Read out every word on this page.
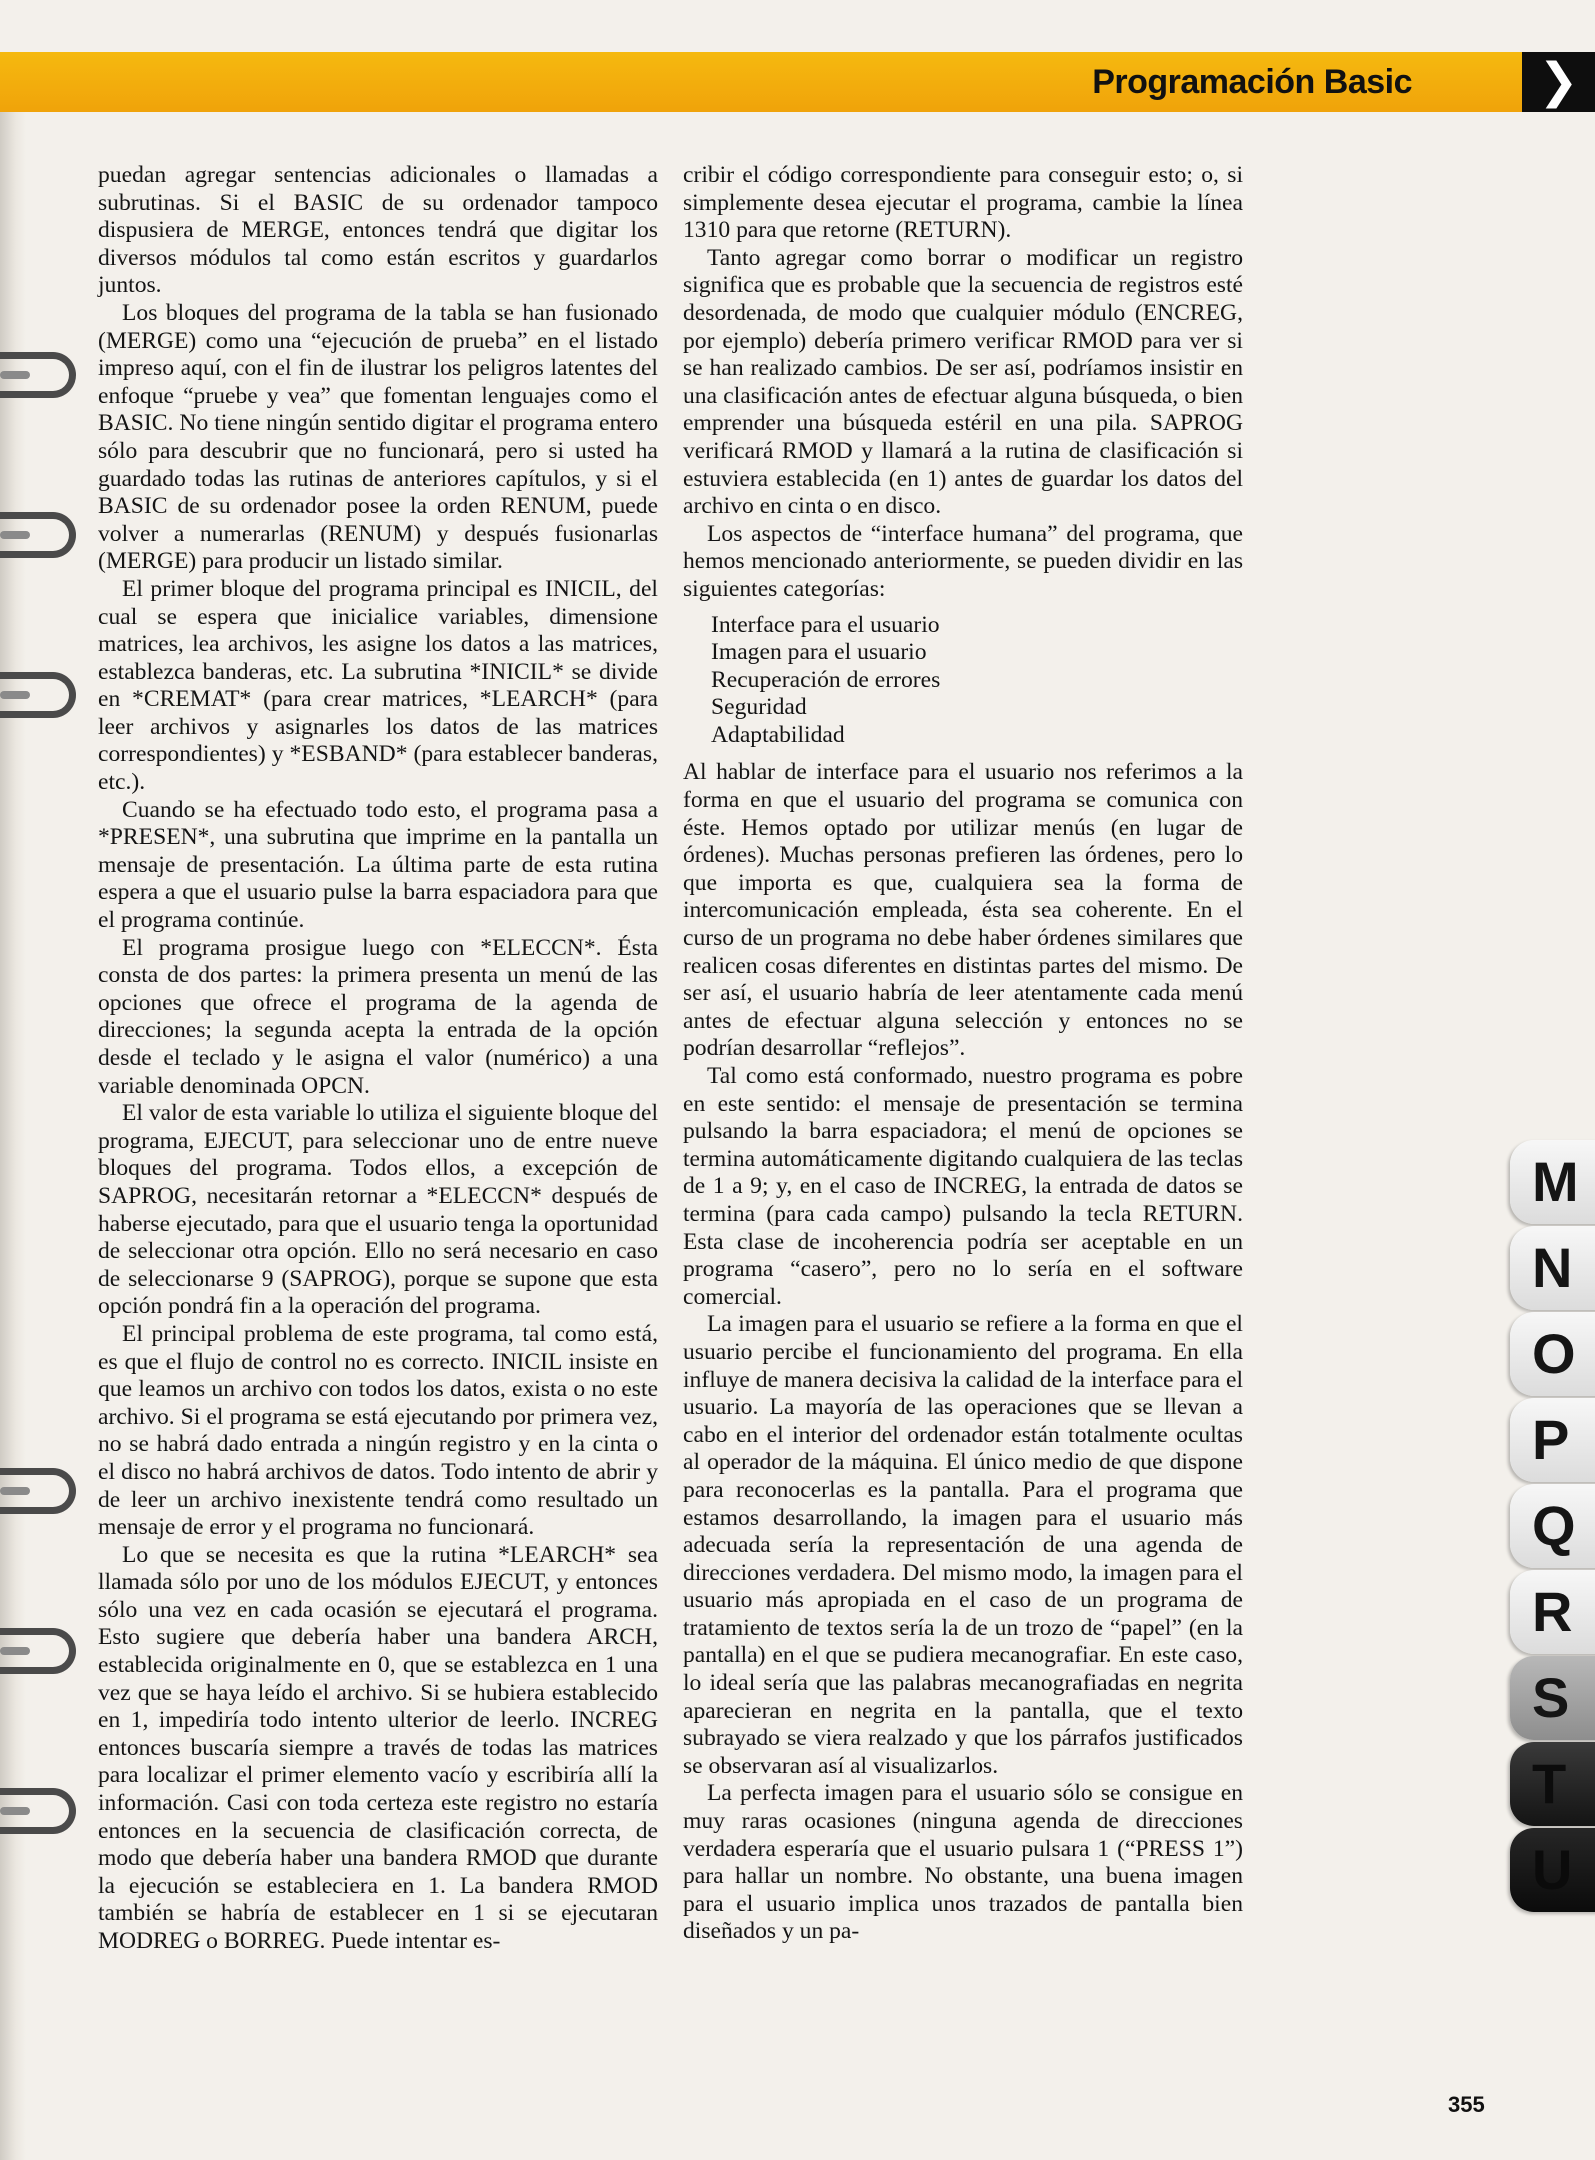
Programación Basic	❯

puedan agregar sentencias adicionales o llamadas a subrutinas. Si el BASIC de su ordenador tampoco dispusiera de MERGE, entonces tendrá que digitar los diversos módulos tal como están escritos y guardarlos juntos.

Los bloques del programa de la tabla se han fusionado (MERGE) como una “ejecución de prueba” en el listado impreso aquí, con el fin de ilustrar los peligros latentes del enfoque “pruebe y vea” que fomentan lenguajes como el BASIC. No tiene ningún sentido digitar el programa entero sólo para descubrir que no funcionará, pero si usted ha guardado todas las rutinas de anteriores capítulos, y si el BASIC de su ordenador posee la orden RENUM, puede volver a numerarlas (RENUM) y después fusionarlas (MERGE) para producir un listado similar.

El primer bloque del programa principal es INICIL, del cual se espera que inicialice variables, dimensione matrices, lea archivos, les asigne los datos a las matrices, establezca banderas, etc. La subrutina *INICIL* se divide en *CREMAT* (para crear matrices, *LEARCH* (para leer archivos y asignarles los datos de las matrices correspondientes) y *ESBAND* (para establecer banderas, etc.).

Cuando se ha efectuado todo esto, el programa pasa a *PRESEN*, una subrutina que imprime en la pantalla un mensaje de presentación. La última parte de esta rutina espera a que el usuario pulse la barra espaciadora para que el programa continúe.

El programa prosigue luego con *ELECCN*. Ésta consta de dos partes: la primera presenta un menú de las opciones que ofrece el programa de la agenda de direcciones; la segunda acepta la entrada de la opción desde el teclado y le asigna el valor (numérico) a una variable denominada OPCN.

El valor de esta variable lo utiliza el siguiente bloque del programa, EJECUT, para seleccionar uno de entre nueve bloques del programa. Todos ellos, a excepción de SAPROG, necesitarán retornar a *ELECCN* después de haberse ejecutado, para que el usuario tenga la oportunidad de seleccionar otra opción. Ello no será necesario en caso de seleccionarse 9 (SAPROG), porque se supone que esta opción pondrá fin a la operación del programa.

El principal problema de este programa, tal como está, es que el flujo de control no es correcto. INICIL insiste en que leamos un archivo con todos los datos, exista o no este archivo. Si el programa se está ejecutando por primera vez, no se habrá dado entrada a ningún registro y en la cinta o el disco no habrá archivos de datos. Todo intento de abrir y de leer un archivo inexistente tendrá como resultado un mensaje de error y el programa no funcionará.

Lo que se necesita es que la rutina *LEARCH* sea llamada sólo por uno de los módulos EJECUT, y entonces sólo una vez en cada ocasión se ejecutará el programa. Esto sugiere que debería haber una bandera ARCH, establecida originalmente en 0, que se establezca en 1 una vez que se haya leído el archivo. Si se hubiera establecido en 1, impediría todo intento ulterior de leerlo. INCREG entonces buscaría siempre a través de todas las matrices para localizar el primer elemento vacío y escribiría allí la información. Casi con toda certeza este registro no estaría entonces en la secuencia de clasificación correcta, de modo que debería haber una bandera RMOD que durante la ejecución se estableciera en 1. La bandera RMOD también se habría de establecer en 1 si se ejecutaran MODREG o BORREG. Puede intentar es-

cribir el código correspondiente para conseguir esto; o, si simplemente desea ejecutar el programa, cambie la línea 1310 para que retorne (RETURN).

Tanto agregar como borrar o modificar un registro significa que es probable que la secuencia de registros esté desordenada, de modo que cualquier módulo (ENCREG, por ejemplo) debería primero verificar RMOD para ver si se han realizado cambios. De ser así, podríamos insistir en una clasificación antes de efectuar alguna búsqueda, o bien emprender una búsqueda estéril en una pila. SAPROG verificará RMOD y llamará a la rutina de clasificación si estuviera establecida (en 1) antes de guardar los datos del archivo en cinta o en disco.

Los aspectos de “interface humana” del programa, que hemos mencionado anteriormente, se pueden dividir en las siguientes categorías:

Interface para el usuario
Imagen para el usuario
Recuperación de errores
Seguridad
Adaptabilidad

Al hablar de interface para el usuario nos referimos a la forma en que el usuario del programa se comunica con éste. Hemos optado por utilizar menús (en lugar de órdenes). Muchas personas prefieren las órdenes, pero lo que importa es que, cualquiera sea la forma de intercomunicación empleada, ésta sea coherente. En el curso de un programa no debe haber órdenes similares que realicen cosas diferentes en distintas partes del mismo. De ser así, el usuario habría de leer atentamente cada menú antes de efectuar alguna selección y entonces no se podrían desarrollar “reflejos”.

Tal como está conformado, nuestro programa es pobre en este sentido: el mensaje de presentación se termina pulsando la barra espaciadora; el menú de opciones se termina automáticamente digitando cualquiera de las teclas de 1 a 9; y, en el caso de INCREG, la entrada de datos se termina (para cada campo) pulsando la tecla RETURN. Esta clase de incoherencia podría ser aceptable en un programa “casero”, pero no lo sería en el software comercial.

La imagen para el usuario se refiere a la forma en que el usuario percibe el funcionamiento del programa. En ella influye de manera decisiva la calidad de la interface para el usuario. La mayoría de las operaciones que se llevan a cabo en el interior del ordenador están totalmente ocultas al operador de la máquina. El único medio de que dispone para reconocerlas es la pantalla. Para el programa que estamos desarrollando, la imagen para el usuario más adecuada sería la representación de una agenda de direcciones verdadera. Del mismo modo, la imagen para el usuario más apropiada en el caso de un programa de tratamiento de textos sería la de un trozo de “papel” (en la pantalla) en el que se pudiera mecanografiar. En este caso, lo ideal sería que las palabras mecanografiadas en negrita aparecieran en negrita en la pantalla, que el texto subrayado se viera realzado y que los párrafos justificados se observaran así al visualizarlos.

La perfecta imagen para el usuario sólo se consigue en muy raras ocasiones (ninguna agenda de direcciones verdadera esperaría que el usuario pulsara 1 (“PRESS 1”) para hallar un nombre. No obstante, una buena imagen para el usuario implica unos trazados de pantalla bien diseñados y un pa-

M
N
O
P
Q
R
S
T
U
355
